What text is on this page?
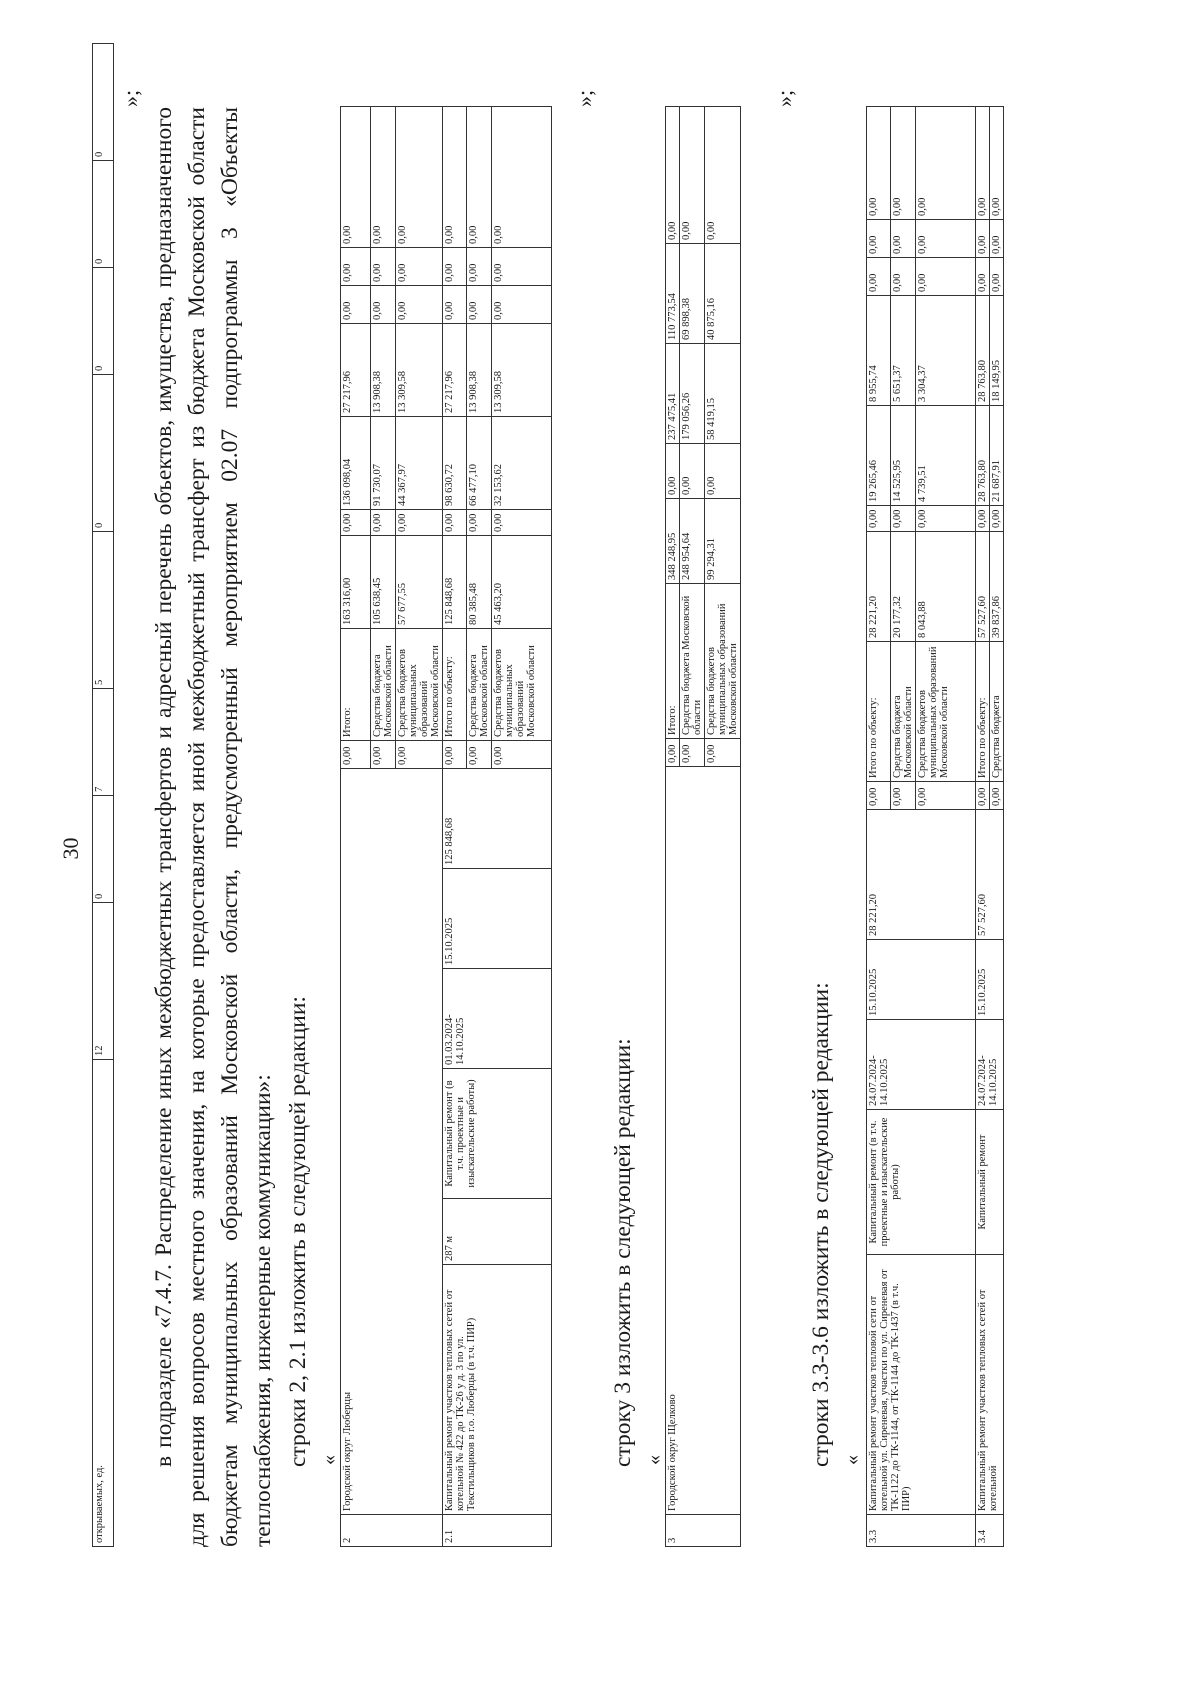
30
открываемых, ед.	12	0	7	5	0	0	0	0
»;
в подразделе «7.4.7. Распределение иных межбюджетных трансфертов и адресный перечень объектов, имущества, предназначенного для решения вопросов местного значения, на которые предоставляется иной межбюджетный трансферт из бюджета Московской области бюджетам муниципальных образований Московской области, предусмотренный мероприятием 02.07 подпрограммы 3 «Объекты теплоснабжения, инженерные коммуникации»: строки 2, 2.1 изложить в следующей редакции: «
2	Городской округ Люберцы						0,00	Итого:	163 316,00	0,00	136 098,04	27 217,96	0,00	0,00	0,00
							0,00	Средства бюджета Московской области	105 638,45	0,00	91 730,07	13 908,38	0,00	0,00	0,00
							0,00	Средства бюджетов муниципальных образований Московской области	57 677,55	0,00	44 367,97	13 309,58	0,00	0,00	0,00
2.1	Капитальный ремонт участков тепловых сетей от котельной № 422 до ТК-26 у д. 3 по ул. Текстильщиков в г.о. Люберцы (в т.ч. ПИР)	287 м	Капитальный ремонт (в т.ч. проектные и изыскательские работы)	01.03.2024-14.10.2025	15.10.2025	125 848,68	0,00	Итого по объекту:	125 848,68	0,00	98 630,72	27 217,96	0,00	0,00	0,00
							0,00	Средства бюджета Московской области	80 385,48	0,00	66 477,10	13 908,38	0,00	0,00	0,00
							0,00	Средства бюджетов муниципальных образований Московской области	45 463,20	0,00	32 153,62	13 309,58	0,00	0,00	0,00
»;
строку 3 изложить в следующей редакции: «
3	Городской округ Щелково	0,00	Итого:	348 248,95	0,00	237 475,41	110 773,54	0,00
		0,00	Средства бюджета Московской области	248 954,64	0,00	179 056,26	69 898,38	0,00
		0,00	Средства бюджетов муниципальных образований Московской области	99 294,31	0,00	58 419,15	40 875,16	0,00
»;
строки 3.3-3.6 изложить в следующей редакции: «
3.3	Капитальный ремонт участков тепловой сети от котельной ул. Сиреневая, участки по ул. Сиреневая от ТК-1122 до ТК-1144, от ТК-1144 до ТК-1437 (в т.ч. ПИР)	Капитальный ремонт (в т.ч. проектные и изыскательские работы)	24.07.2024-14.10.2025	15.10.2025	28 221,20	0,00	Итого по объекту:	28 221,20	0,00	19 265,46	8 955,74	0,00	0,00	0,00
						0,00	Средства бюджета Московской области	20 177,32	0,00	14 525,95	5 651,37	0,00	0,00	0,00
						0,00	Средства бюджетов муниципальных образований Московской области	8 043,88	0,00	4 739,51	3 304,37	0,00	0,00	0,00
3.4	Капитальный ремонт участков тепловых сетей от котельной	Капитальный ремонт	24.07.2024-14.10.2025	15.10.2025	57 527,60	0,00	Итого по объекту:	57 527,60	0,00	28 763,80	28 763,80	0,00	0,00	0,00
						0,00	Средства бюджета	39 837,86	0,00	21 687,91	18 149,95	0,00	0,00	0,00
